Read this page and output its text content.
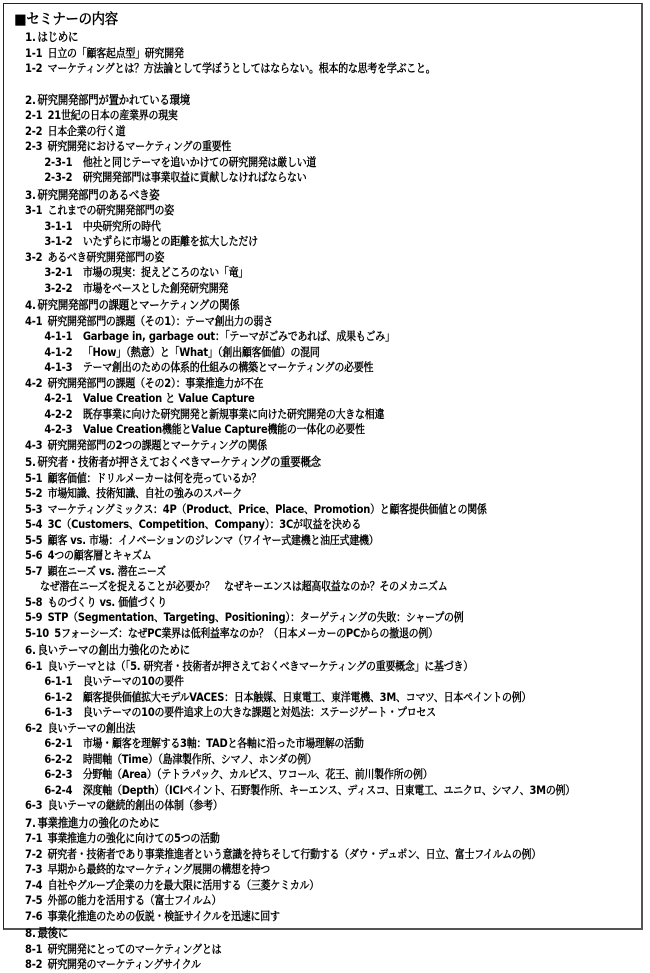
■セミナーの内容
1. はじめに
1-1 日立の「顧客起点型」研究開発
1-2 マーケティングとは？方法論として学ぼうとしてはならない。根本的な思考を学ぶこと。
2. 研究開発部門が置かれている環境
2-1 21世紀の日本の産業界の現実
2-2 日本企業の行く道
2-3 研究開発におけるマーケティングの重要性
2-3-1 他社と同じテーマを追いかけての研究開発は厳しい道
2-3-2 研究開発部門は事業収益に貢献しなければならない
3. 研究開発部門のあるべき姿
3-1 これまでの研究開発部門の姿
3-1-1 中央研究所の時代
3-1-2 いたずらに市場との距離を拡大しただけ
3-2 あるべき研究開発部門の姿
3-2-1 市場の現実：捉えどころのない「竜」
3-2-2 市場をベースとした創発研究開発
4. 研究開発部門の課題とマーケティングの関係
4-1 研究開発部門の課題（その1）：テーマ創出力の弱さ
4-1-1 Garbage in, garbage out：「テーマがごみであれば、成果もごみ」
4-1-2 「How」（熱意）と「What」（創出顧客価値）の混同
4-1-3 テーマ創出のための体系的仕組みの構築とマーケティングの必要性
4-2 研究開発部門の課題（その2）：事業推進力が不在
4-2-1 Value Creation と Value Capture
4-2-2 既存事業に向けた研究開発と新規事業に向けた研究開発の大きな相違
4-2-3 Value Creation機能とValue Capture機能の一体化の必要性
4-3 研究開発部門の2つの課題とマーケティングの関係
5. 研究者・技術者が押さえておくべきマーケティングの重要概念
5-1 顧客価値：ドリルメーカーは何を売っているか？
5-2 市場知識、技術知識、自社の強みのスパーク
5-3 マーケティングミックス：4P（Product、Price、Place、Promotion）と顧客提供価値との関係
5-4 3C（Customers、Competition、Company）：3Cが収益を決める
5-5 顧客 vs. 市場：イノベーションのジレンマ（ワイヤー式建機と油圧式建機）
5-6 4つの顧客層とキャズム
5-7 顕在ニーズ vs. 潜在ニーズ
なぜ潜在ニーズを捉えることが必要か？　なぜキーエンスは超高収益なのか？そのメカニズム
5-8 ものづくり vs. 価値づくり
5-9 STP（Segmentation、Targeting、Positioning）：ターゲティングの失敗：シャープの例
5-10 5フォーシーズ：なぜPC業界は低利益率なのか？（日本メーカーのPCからの撤退の例）
6. 良いテーマの創出力強化のために
6-1 良いテーマとは（「5. 研究者・技術者が押さえておくべきマーケティングの重要概念」に基づき）
6-1-1 良いテーマの10の要件
6-1-2 顧客提供価値拡大モデルVACES：日本触媒、日東電工、東洋電機、3M、コマツ、日本ペイントの例）
6-1-3 良いテーマの10の要件追求上の大きな課題と対処法：ステージゲート・プロセス
6-2 良いテーマの創出法
6-2-1 市場・顧客を理解する3軸：TADと各軸に沿った市場理解の活動
6-2-2 時間軸（Time）（島津製作所、シマノ、ホンダの例）
6-2-3 分野軸（Area）（テトラパック、カルピス、ワコール、花王、前川製作所の例）
6-2-4 深度軸（Depth）（ICIペイント、石野製作所、キーエンス、ディスコ、日東電工、ユニクロ、シマノ、3Mの例）
6-3 良いテーマの継続的創出の体制（参考）
7. 事業推進力の強化のために
7-1 事業推進力の強化に向けての5つの活動
7-2 研究者・技術者であり事業推進者という意識を持ちそして行動する（ダウ・デュポン、日立、富士フイルムの例）
7-3 早期から最終的なマーケティング展開の構想を持つ
7-4 自社やグループ企業の力を最大限に活用する（三菱ケミカル）
7-5 外部の能力を活用する（富士フイルム）
7-6 事業化推進のための仮説・検証サイクルを迅速に回す
8. 最後に
8-1 研究開発にとってのマーケティングとは
8-2 研究開発のマーケティングサイクル
